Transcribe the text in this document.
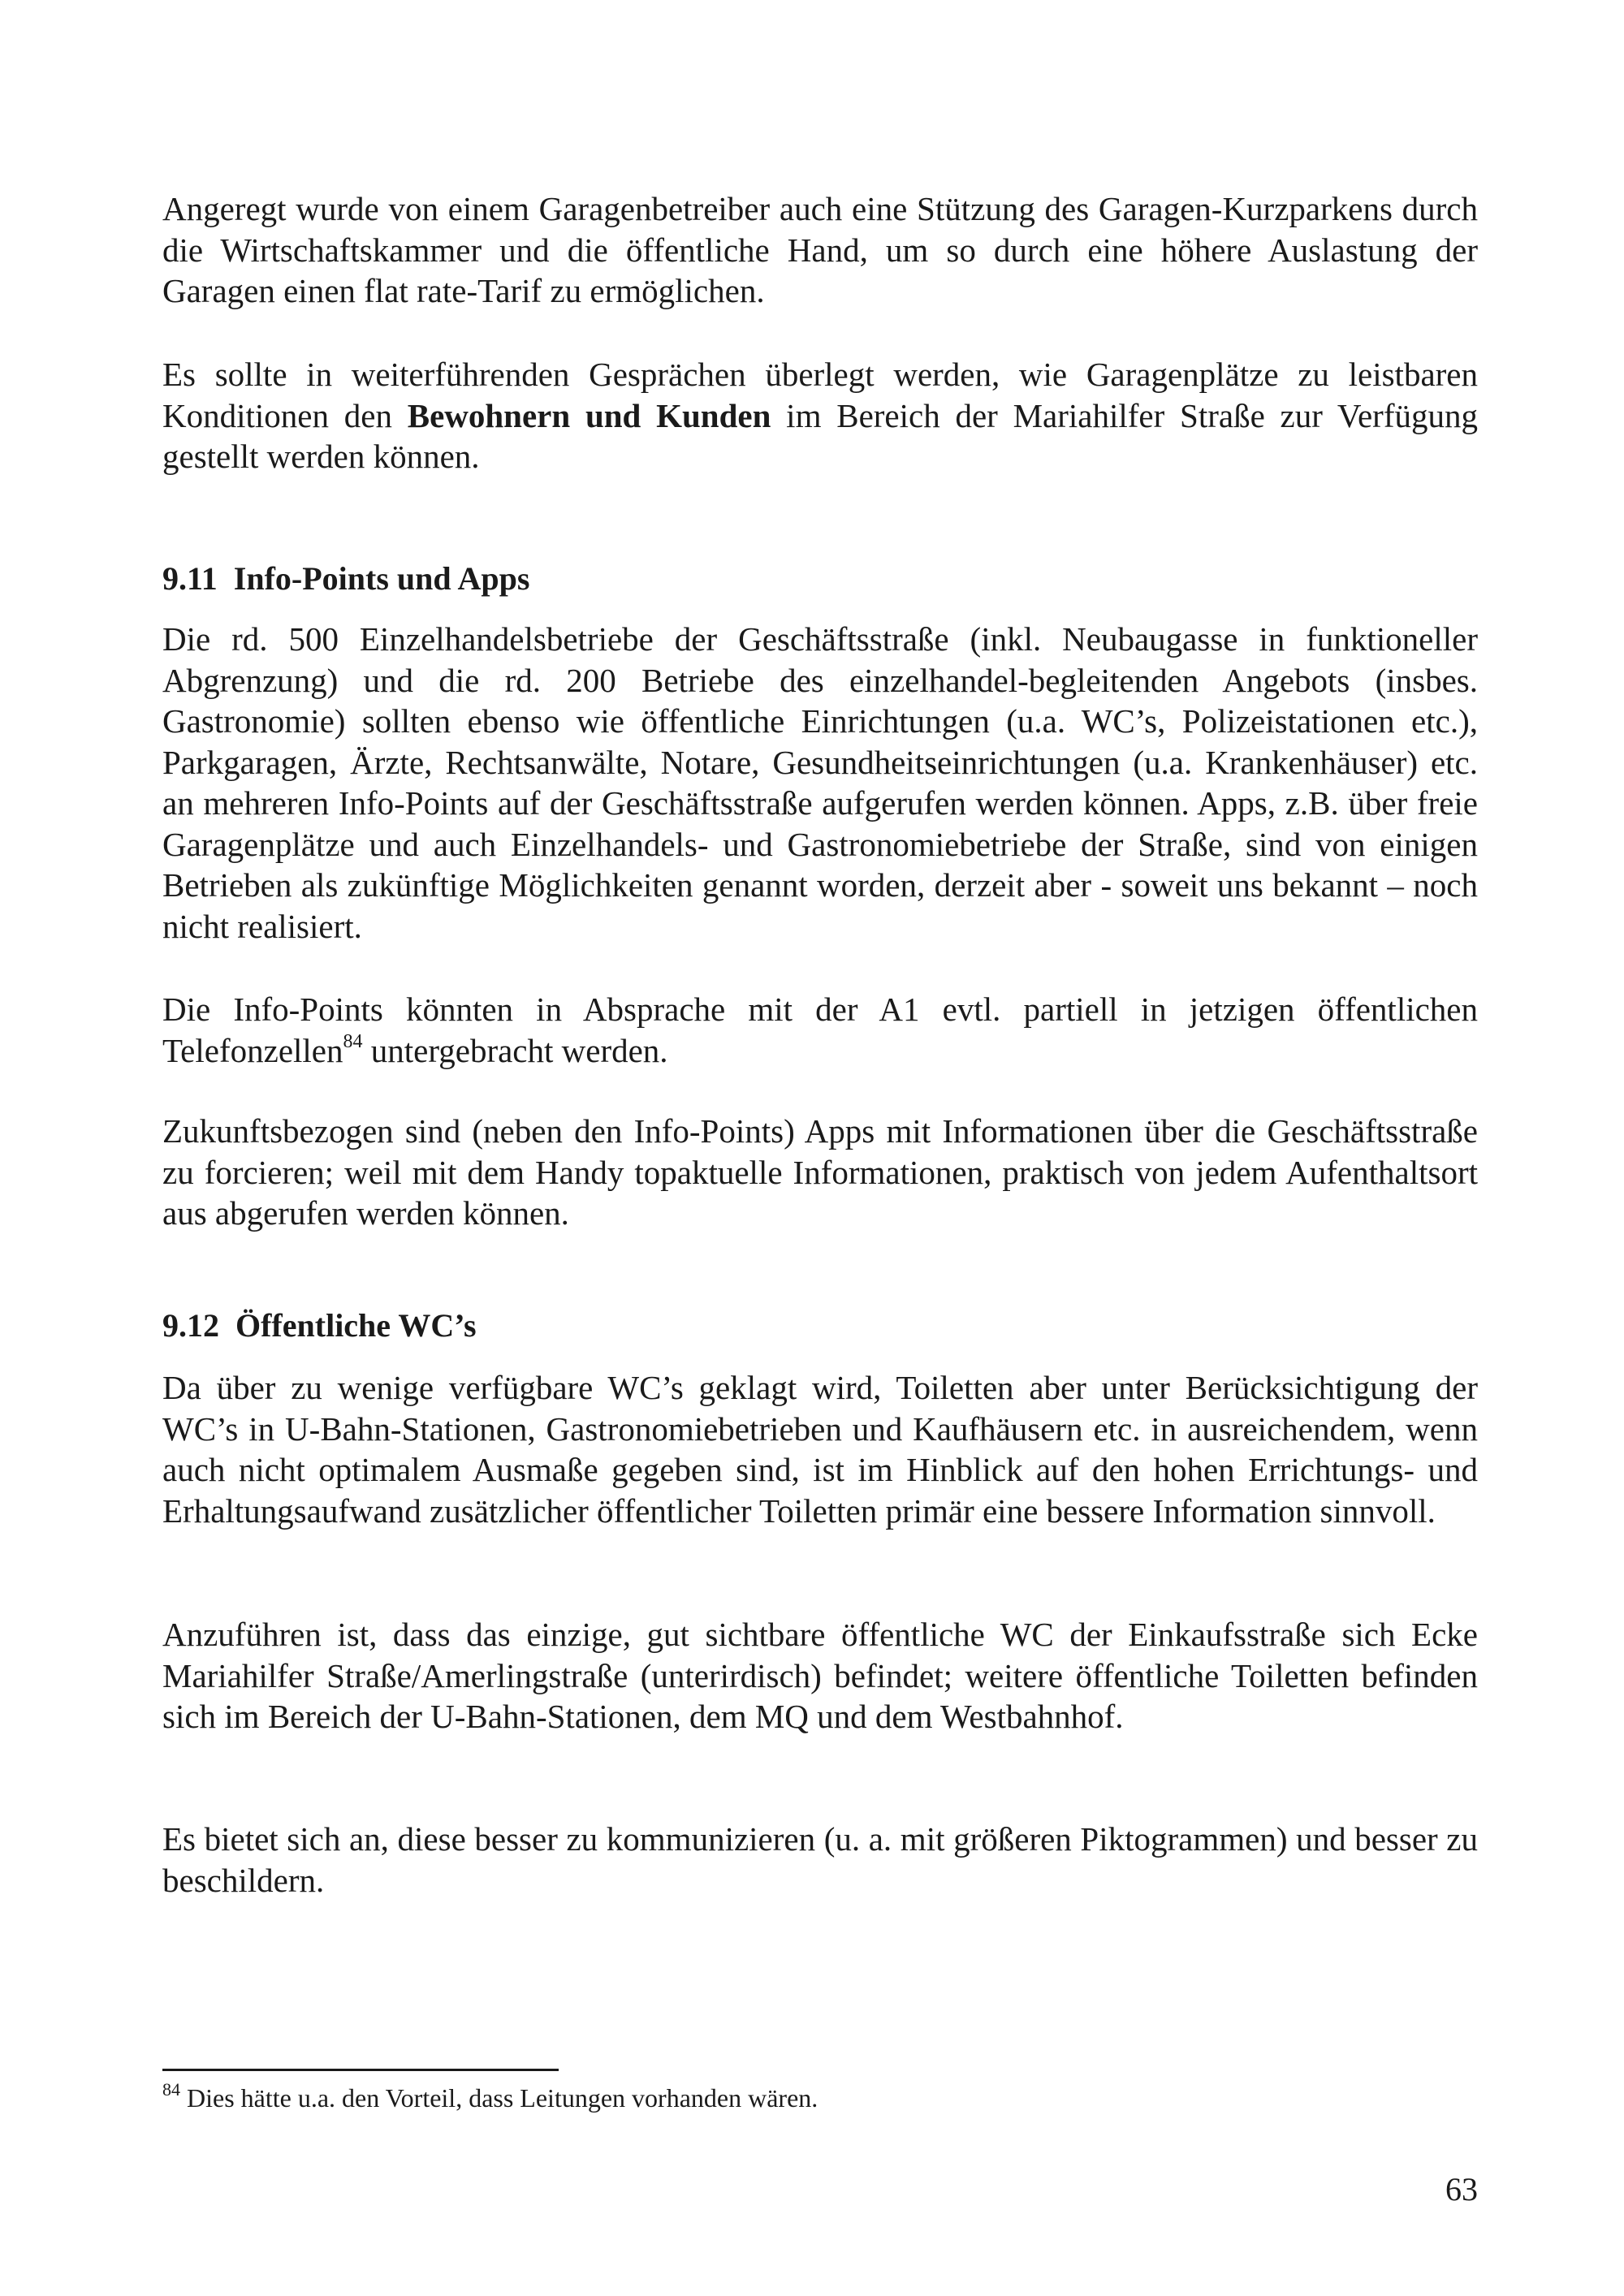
Angeregt wurde von einem Garagenbetreiber auch eine Stützung des Garagen-Kurzparkens durch die Wirtschaftskammer und die öffentliche Hand, um so durch eine höhere Auslastung der Garagen einen flat rate-Tarif zu ermöglichen.

Es sollte in weiterführenden Gesprächen überlegt werden, wie Garagenplätze zu leistbaren Konditionen den Bewohnern und Kunden im Bereich der Mariahilfer Straße zur Verfügung gestellt werden können.

9.11 Info-Points und Apps

Die rd. 500 Einzelhandelsbetriebe der Geschäftsstraße (inkl. Neubaugasse in funktioneller Abgrenzung) und die rd. 200 Betriebe des einzelhandel-begleitenden Angebots (insbes. Gastronomie) sollten ebenso wie öffentliche Einrichtungen (u.a. WC’s, Polizeistationen etc.), Parkgaragen, Ärzte, Rechtsanwälte, Notare, Gesundheitseinrichtungen (u.a. Krankenhäuser) etc. an mehreren Info-Points auf der Geschäftsstraße aufgerufen werden können. Apps, z.B. über freie Garagenplätze und auch Einzelhandels- und Gastronomiebetriebe der Straße, sind von einigen Betrieben als zukünftige Möglichkeiten genannt worden, derzeit aber - soweit uns bekannt – noch nicht realisiert.

Die Info-Points könnten in Absprache mit der A1 evtl. partiell in jetzigen öffentlichen Telefonzellen$^{84}$ untergebracht werden.

Zukunftsbezogen sind (neben den Info-Points) Apps mit Informationen über die Geschäftsstraße zu forcieren; weil mit dem Handy topaktuelle Informationen, praktisch von jedem Aufenthaltsort aus abgerufen werden können.

9.12 Öffentliche WC’s

Da über zu wenige verfügbare WC’s geklagt wird, Toiletten aber unter Berücksichtigung der WC’s in U-Bahn-Stationen, Gastronomiebetrieben und Kaufhäusern etc. in ausreichendem, wenn auch nicht optimalem Ausmaße gegeben sind, ist im Hinblick auf den hohen Errichtungs- und Erhaltungsaufwand zusätzlicher öffentlicher Toiletten primär eine bessere Information sinnvoll.

Anzuführen ist, dass das einzige, gut sichtbare öffentliche WC der Einkaufsstraße sich Ecke Mariahilfer Straße/Amerlingstraße (unterirdisch) befindet; weitere öffentliche Toiletten befinden sich im Bereich der U-Bahn-Stationen, dem MQ und dem Westbahnhof.

Es bietet sich an, diese besser zu kommunizieren (u. a. mit größeren Piktogrammen) und besser zu beschildern.

$^{84}$ Dies hätte u.a. den Vorteil, dass Leitungen vorhanden wären.
63
